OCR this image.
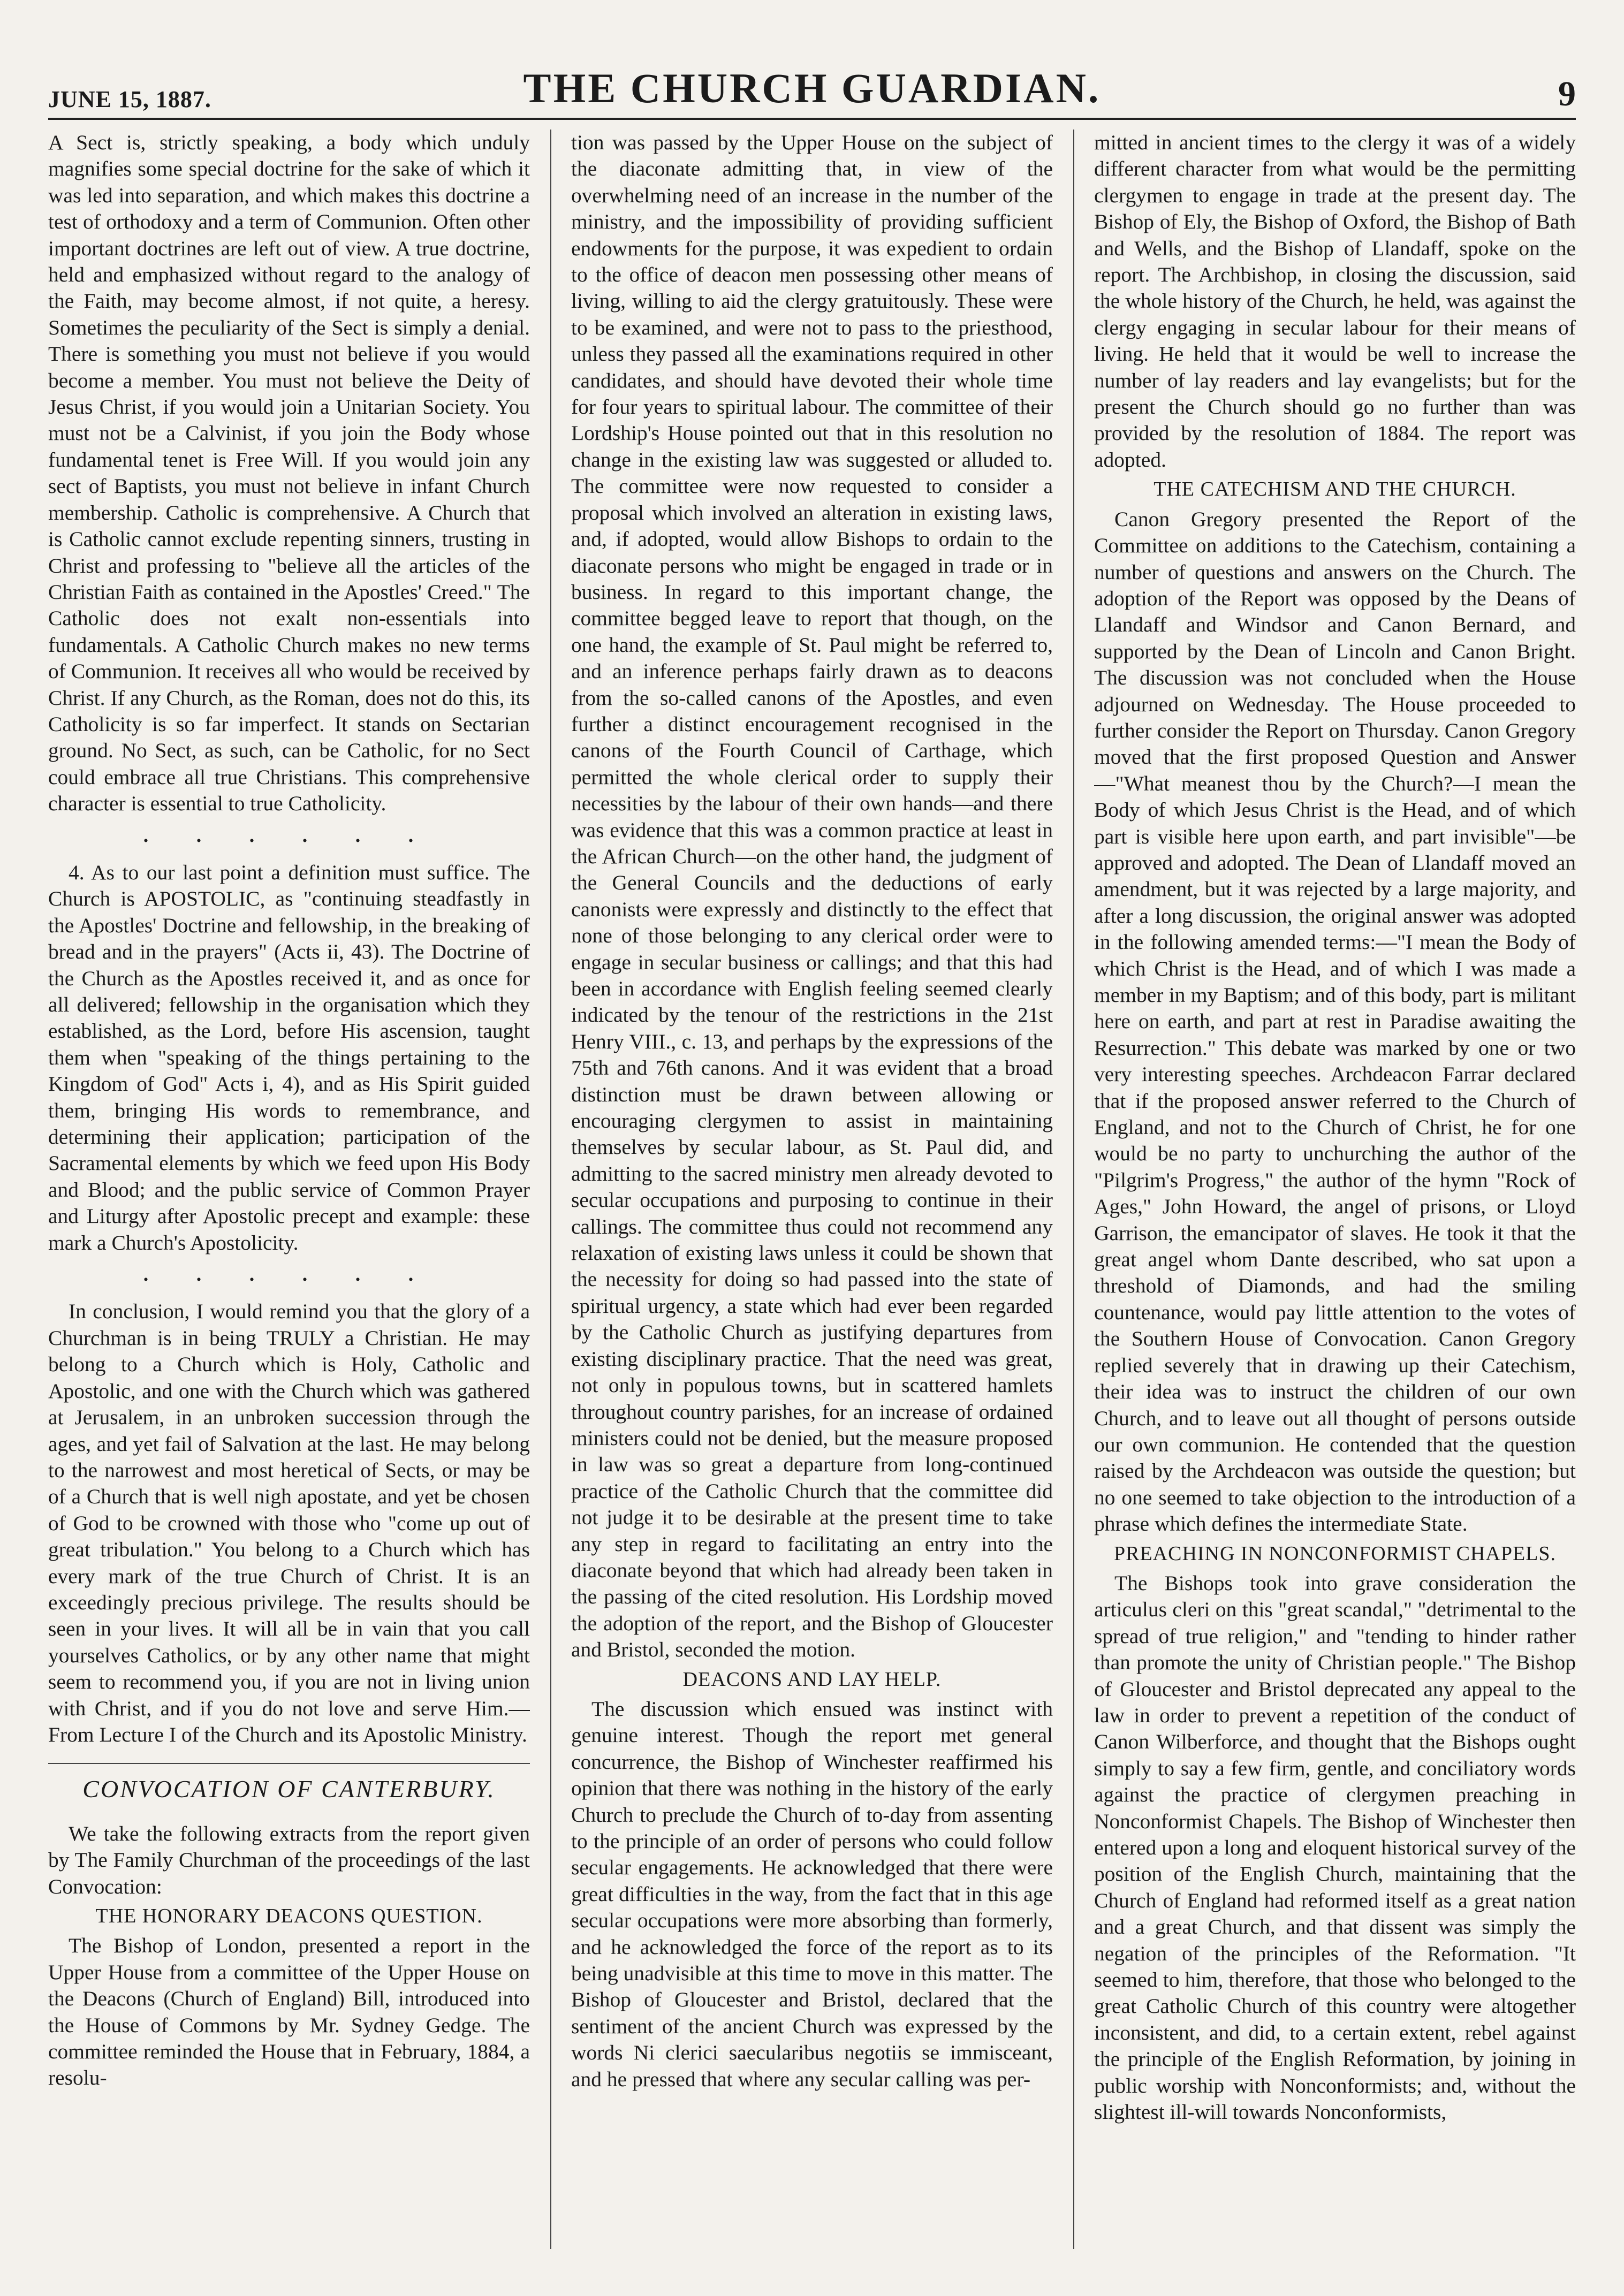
JUNE 15, 1887.	THE CHURCH GUARDIAN.	9

A Sect is, strictly speaking, a body which unduly magnifies some special doctrine for the sake of which it was led into separation, and which makes this doctrine a test of orthodoxy and a term of Communion. Often other important doctrines are left out of view. A true doctrine, held and emphasized without regard to the analogy of the Faith, may become almost, if not quite, a heresy. Sometimes the peculiarity of the Sect is simply a denial. There is something you must not believe if you would become a member. You must not believe the Deity of Jesus Christ, if you would join a Unitarian Society. You must not be a Calvinist, if you join the Body whose fundamental tenet is Free Will. If you would join any sect of Baptists, you must not believe in infant Church membership. Catholic is comprehensive. A Church that is Catholic cannot exclude repenting sinners, trusting in Christ and professing to "believe all the articles of the Christian Faith as contained in the Apostles' Creed." The Catholic does not exalt non-essentials into fundamentals. A Catholic Church makes no new terms of Communion. It receives all who would be received by Christ. If any Church, as the Roman, does not do this, its Catholicity is so far imperfect. It stands on Sectarian ground. No Sect, as such, can be Catholic, for no Sect could embrace all true Christians. This comprehensive character is essential to true Catholicity.

. . . . . .

4. As to our last point a definition must suffice. The Church is APOSTOLIC, as "continuing steadfastly in the Apostles' Doctrine and fellowship, in the breaking of bread and in the prayers" (Acts ii, 43). The Doctrine of the Church as the Apostles received it, and as once for all delivered; fellowship in the organisation which they established, as the Lord, before His ascension, taught them when "speaking of the things pertaining to the Kingdom of God" Acts i, 4), and as His Spirit guided them, bringing His words to remembrance, and determining their application; participation of the Sacramental elements by which we feed upon His Body and Blood; and the public service of Common Prayer and Liturgy after Apostolic precept and example: these mark a Church's Apostolicity.

. . . . . .

In conclusion, I would remind you that the glory of a Churchman is in being TRULY a Christian. He may belong to a Church which is Holy, Catholic and Apostolic, and one with the Church which was gathered at Jerusalem, in an unbroken succession through the ages, and yet fail of Salvation at the last. He may belong to the narrowest and most heretical of Sects, or may be of a Church that is well nigh apostate, and yet be chosen of God to be crowned with those who "come up out of great tribulation." You belong to a Church which has every mark of the true Church of Christ. It is an exceedingly precious privilege. The results should be seen in your lives. It will all be in vain that you call yourselves Catholics, or by any other name that might seem to recommend you, if you are not in living union with Christ, and if you do not love and serve Him.— From Lecture I of the Church and its Apostolic Ministry.

CONVOCATION OF CANTERBURY.

We take the following extracts from the report given by The Family Churchman of the proceedings of the last Convocation:

THE HONORARY DEACONS QUESTION.

The Bishop of London, presented a report in the Upper House from a committee of the Upper House on the Deacons (Church of England) Bill, introduced into the House of Commons by Mr. Sydney Gedge. The committee reminded the House that in February, 1884, a resolu-

tion was passed by the Upper House on the subject of the diaconate admitting that, in view of the overwhelming need of an increase in the number of the ministry, and the impossibility of providing sufficient endowments for the purpose, it was expedient to ordain to the office of deacon men possessing other means of living, willing to aid the clergy gratuitously. These were to be examined, and were not to pass to the priesthood, unless they passed all the examinations required in other candidates, and should have devoted their whole time for four years to spiritual labour. The committee of their Lordship's House pointed out that in this resolution no change in the existing law was suggested or alluded to. The committee were now requested to consider a proposal which involved an alteration in existing laws, and, if adopted, would allow Bishops to ordain to the diaconate persons who might be engaged in trade or in business. In regard to this important change, the committee begged leave to report that though, on the one hand, the example of St. Paul might be referred to, and an inference perhaps fairly drawn as to deacons from the so-called canons of the Apostles, and even further a distinct encouragement recognised in the canons of the Fourth Council of Carthage, which permitted the whole clerical order to supply their necessities by the labour of their own hands—and there was evidence that this was a common practice at least in the African Church—on the other hand, the judgment of the General Councils and the deductions of early canonists were expressly and distinctly to the effect that none of those belonging to any clerical order were to engage in secular business or callings; and that this had been in accordance with English feeling seemed clearly indicated by the tenour of the restrictions in the 21st Henry VIII., c. 13, and perhaps by the expressions of the 75th and 76th canons. And it was evident that a broad distinction must be drawn between allowing or encouraging clergymen to assist in maintaining themselves by secular labour, as St. Paul did, and admitting to the sacred ministry men already devoted to secular occupations and purposing to continue in their callings. The committee thus could not recommend any relaxation of existing laws unless it could be shown that the necessity for doing so had passed into the state of spiritual urgency, a state which had ever been regarded by the Catholic Church as justifying departures from existing disciplinary practice. That the need was great, not only in populous towns, but in scattered hamlets throughout country parishes, for an increase of ordained ministers could not be denied, but the measure proposed in law was so great a departure from long-continued practice of the Catholic Church that the committee did not judge it to be desirable at the present time to take any step in regard to facilitating an entry into the diaconate beyond that which had already been taken in the passing of the cited resolution. His Lordship moved the adoption of the report, and the Bishop of Gloucester and Bristol, seconded the motion.

DEACONS AND LAY HELP.

The discussion which ensued was instinct with genuine interest. Though the report met general concurrence, the Bishop of Winchester reaffirmed his opinion that there was nothing in the history of the early Church to preclude the Church of to-day from assenting to the principle of an order of persons who could follow secular engagements. He acknowledged that there were great difficulties in the way, from the fact that in this age secular occupations were more absorbing than formerly, and he acknowledged the force of the report as to its being unadvisible at this time to move in this matter. The Bishop of Gloucester and Bristol, declared that the sentiment of the ancient Church was expressed by the words Ni clerici saecularibus negotiis se immisceant, and he pressed that where any secular calling was per-

mitted in ancient times to the clergy it was of a widely different character from what would be the permitting clergymen to engage in trade at the present day. The Bishop of Ely, the Bishop of Oxford, the Bishop of Bath and Wells, and the Bishop of Llandaff, spoke on the report. The Archbishop, in closing the discussion, said the whole history of the Church, he held, was against the clergy engaging in secular labour for their means of living. He held that it would be well to increase the number of lay readers and lay evangelists; but for the present the Church should go no further than was provided by the resolution of 1884. The report was adopted.

THE CATECHISM AND THE CHURCH.

Canon Gregory presented the Report of the Committee on additions to the Catechism, containing a number of questions and answers on the Church. The adoption of the Report was opposed by the Deans of Llandaff and Windsor and Canon Bernard, and supported by the Dean of Lincoln and Canon Bright. The discussion was not concluded when the House adjourned on Wednesday. The House proceeded to further consider the Report on Thursday. Canon Gregory moved that the first proposed Question and Answer—"What meanest thou by the Church?—I mean the Body of which Jesus Christ is the Head, and of which part is visible here upon earth, and part invisible"—be approved and adopted. The Dean of Llandaff moved an amendment, but it was rejected by a large majority, and after a long discussion, the original answer was adopted in the following amended terms:—"I mean the Body of which Christ is the Head, and of which I was made a member in my Baptism; and of this body, part is militant here on earth, and part at rest in Paradise awaiting the Resurrection." This debate was marked by one or two very interesting speeches. Archdeacon Farrar declared that if the proposed answer referred to the Church of England, and not to the Church of Christ, he for one would be no party to unchurching the author of the "Pilgrim's Progress," the author of the hymn "Rock of Ages," John Howard, the angel of prisons, or Lloyd Garrison, the emancipator of slaves. He took it that the great angel whom Dante described, who sat upon a threshold of Diamonds, and had the smiling countenance, would pay little attention to the votes of the Southern House of Convocation. Canon Gregory replied severely that in drawing up their Catechism, their idea was to instruct the children of our own Church, and to leave out all thought of persons outside our own communion. He contended that the question raised by the Archdeacon was outside the question; but no one seemed to take objection to the introduction of a phrase which defines the intermediate State.

PREACHING IN NONCONFORMIST CHAPELS.

The Bishops took into grave consideration the articulus cleri on this "great scandal," "detrimental to the spread of true religion," and "tending to hinder rather than promote the unity of Christian people." The Bishop of Gloucester and Bristol deprecated any appeal to the law in order to prevent a repetition of the conduct of Canon Wilberforce, and thought that the Bishops ought simply to say a few firm, gentle, and conciliatory words against the practice of clergymen preaching in Nonconformist Chapels. The Bishop of Winchester then entered upon a long and eloquent historical survey of the position of the English Church, maintaining that the Church of England had reformed itself as a great nation and a great Church, and that dissent was simply the negation of the principles of the Reformation. "It seemed to him, therefore, that those who belonged to the great Catholic Church of this country were altogether inconsistent, and did, to a certain extent, rebel against the principle of the English Reformation, by joining in public worship with Nonconformists; and, without the slightest ill-will towards Nonconformists,
